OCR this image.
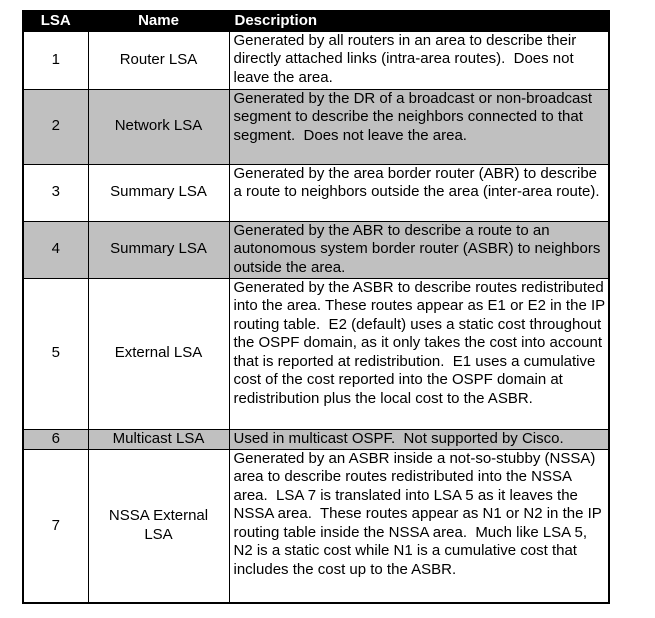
LSA	Name	Description
1	Router LSA	Generated by all routers in an area to describe their directly attached links (intra-area routes).  Does not leave the area.
2	Network LSA	Generated by the DR of a broadcast or non-broadcast segment to describe the neighbors connected to that segment.  Does not leave the area.
3	Summary LSA	Generated by the area border router (ABR) to describe a route to neighbors outside the area (inter-area route).
4	Summary LSA	Generated by the ABR to describe a route to an autonomous system border router (ASBR) to neighbors outside the area.
5	External LSA	Generated by the ASBR to describe routes redistributed into the area. These routes appear as E1 or E2 in the IP routing table.  E2 (default) uses a static cost throughout the OSPF domain, as it only takes the cost into account that is reported at redistribution.  E1 uses a cumulative cost of the cost reported into the OSPF domain at redistribution plus the local cost to the ASBR.
6	Multicast LSA	Used in multicast OSPF.  Not supported by Cisco.
7	NSSA External LSA	Generated by an ASBR inside a not-so-stubby (NSSA) area to describe routes redistributed into the NSSA area.  LSA 7 is translated into LSA 5 as it leaves the NSSA area.  These routes appear as N1 or N2 in the IP routing table inside the NSSA area.  Much like LSA 5, N2 is a static cost while N1 is a cumulative cost that includes the cost up to the ASBR.
